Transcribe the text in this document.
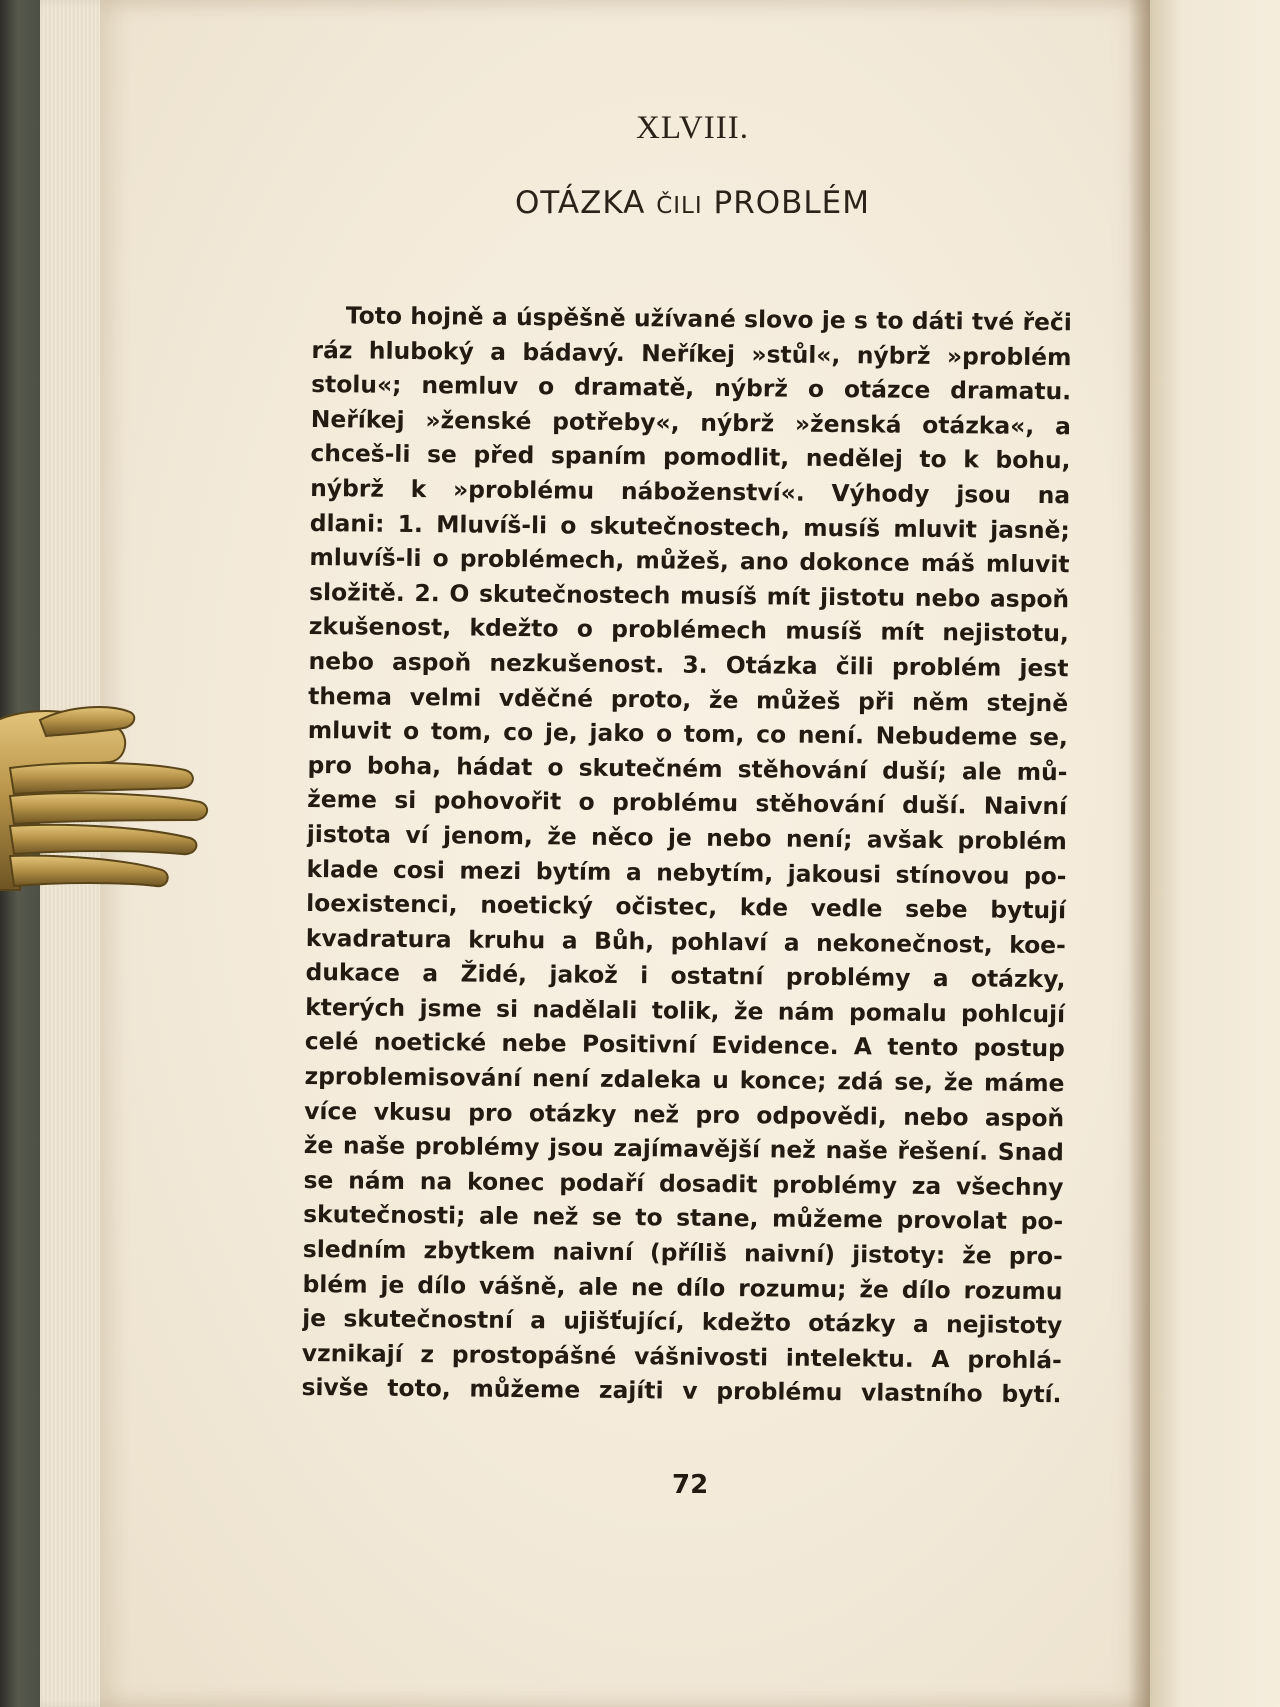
XLVIII.
OTÁZKA ČILI PROBLÉM
Toto hojně a úspěšně užívané slovo je s to dáti tvé řeči
ráz hluboký a bádavý. Neříkej »stůl«, nýbrž »problém
stolu«; nemluv o dramatě, nýbrž o otázce dramatu.
Neříkej »ženské potřeby«, nýbrž »ženská otázka«, a
chceš-li se před spaním pomodlit, nedělej to k bohu,
nýbrž k »problému náboženství«. Výhody jsou na
dlani: 1. Mluvíš-li o skutečnostech, musíš mluvit jasně;
mluvíš-li o problémech, můžeš, ano dokonce máš mluvit
složitě. 2. O skutečnostech musíš mít jistotu nebo aspoň
zkušenost, kdežto o problémech musíš mít nejistotu,
nebo aspoň nezkušenost. 3. Otázka čili problém jest
thema velmi vděčné proto, že můžeš při něm stejně
mluvit o tom, co je, jako o tom, co není. Nebudeme se,
pro boha, hádat o skutečném stěhování duší; ale mů-
žeme si pohovořit o problému stěhování duší. Naivní
jistota ví jenom, že něco je nebo není; avšak problém
klade cosi mezi bytím a nebytím, jakousi stínovou po-
loexistenci, noetický očistec, kde vedle sebe bytují
kvadratura kruhu a Bůh, pohlaví a nekonečnost, koe-
dukace a Židé, jakož i ostatní problémy a otázky,
kterých jsme si nadělali tolik, že nám pomalu pohlcují
celé noetické nebe Positivní Evidence. A tento postup
zproblemisování není zdaleka u konce; zdá se, že máme
více vkusu pro otázky než pro odpovědi, nebo aspoň
že naše problémy jsou zajímavější než naše řešení. Snad
se nám na konec podaří dosadit problémy za všechny
skutečnosti; ale než se to stane, můžeme provolat po-
sledním zbytkem naivní (příliš naivní) jistoty: že pro-
blém je dílo vášně, ale ne dílo rozumu; že dílo rozumu
je skutečnostní a ujišťující, kdežto otázky a nejistoty
vznikají z prostopášné vášnivosti intelektu. A prohlá-
sivše toto, můžeme zajíti v problému vlastního bytí.
72
